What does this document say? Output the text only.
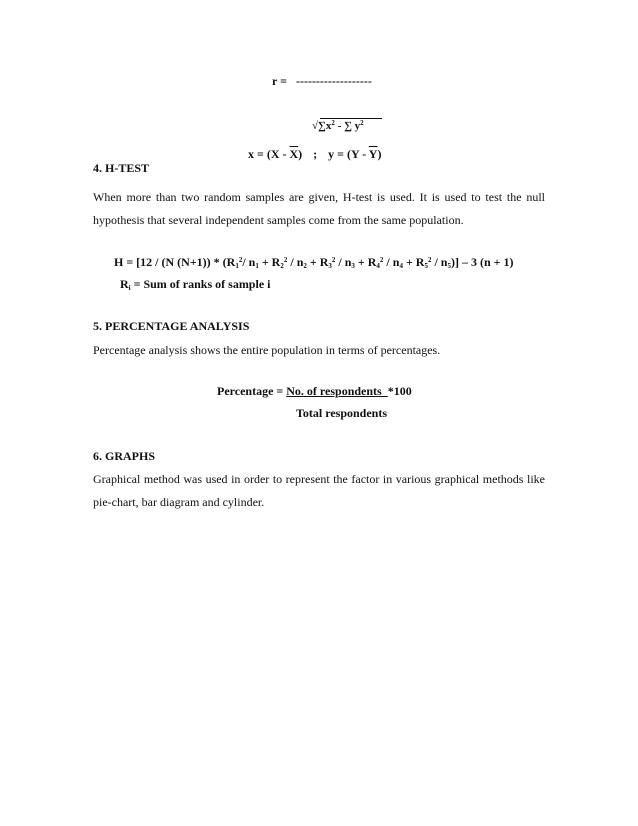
r = -------------------
$√\sum x^2$ - ∑ $y^2$
$x = (X - \overline{X})$ ; $y = (Y - \overline{Y})$
4. H-TEST
When more than two random samples are given, H-test is used. It is used to test the null hypothesis that several independent samples come from the same population.
H = [12 / (N $(N+1)) * (R_1^2/$ $n_1 + R_2^2 / n_2 + R_3^2 / n_3 + R_4^2 / n_4 + R_5^2 / n_5)] - 3$ (n + 1)
$R_i$ = Sum of ranks of sample i
5. PERCENTAGE ANALYSIS
Percentage analysis shows the entire population in terms of percentages.
Percentage = No. of respondents  *100
Total respondents
6. GRAPHS
Graphical method was used in order to represent the factor in various graphical methods like pie-chart, bar diagram and cylinder.
